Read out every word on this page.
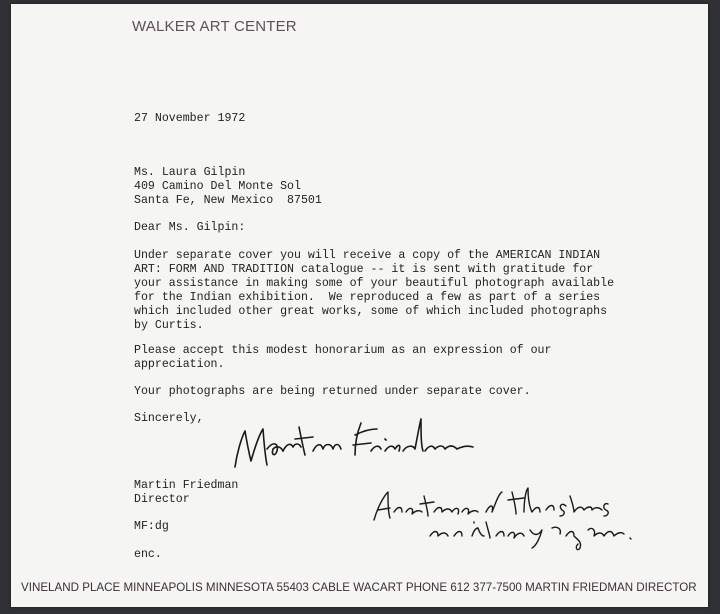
WALKER ART CENTER
27 November 1972
Ms. Laura Gilpin
409 Camino Del Monte Sol
Santa Fe, New Mexico  87501
Dear Ms. Gilpin:
Under separate cover you will receive a copy of the AMERICAN INDIAN
ART: FORM AND TRADITION catalogue -- it is sent with gratitude for
your assistance in making some of your beautiful photograph available
for the Indian exhibition.  We reproduced a few as part of a series
which included other great works, some of which included photographs
by Curtis.
Please accept this modest honorarium as an expression of our
appreciation.
Your photographs are being returned under separate cover.
Sincerely,
Martin Friedman
Director
MF:dg
enc.
VINELAND PLACE MINNEAPOLIS MINNESOTA 55403 CABLE WACART PHONE 612 377-7500 MARTIN FRIEDMAN DIRECTOR
